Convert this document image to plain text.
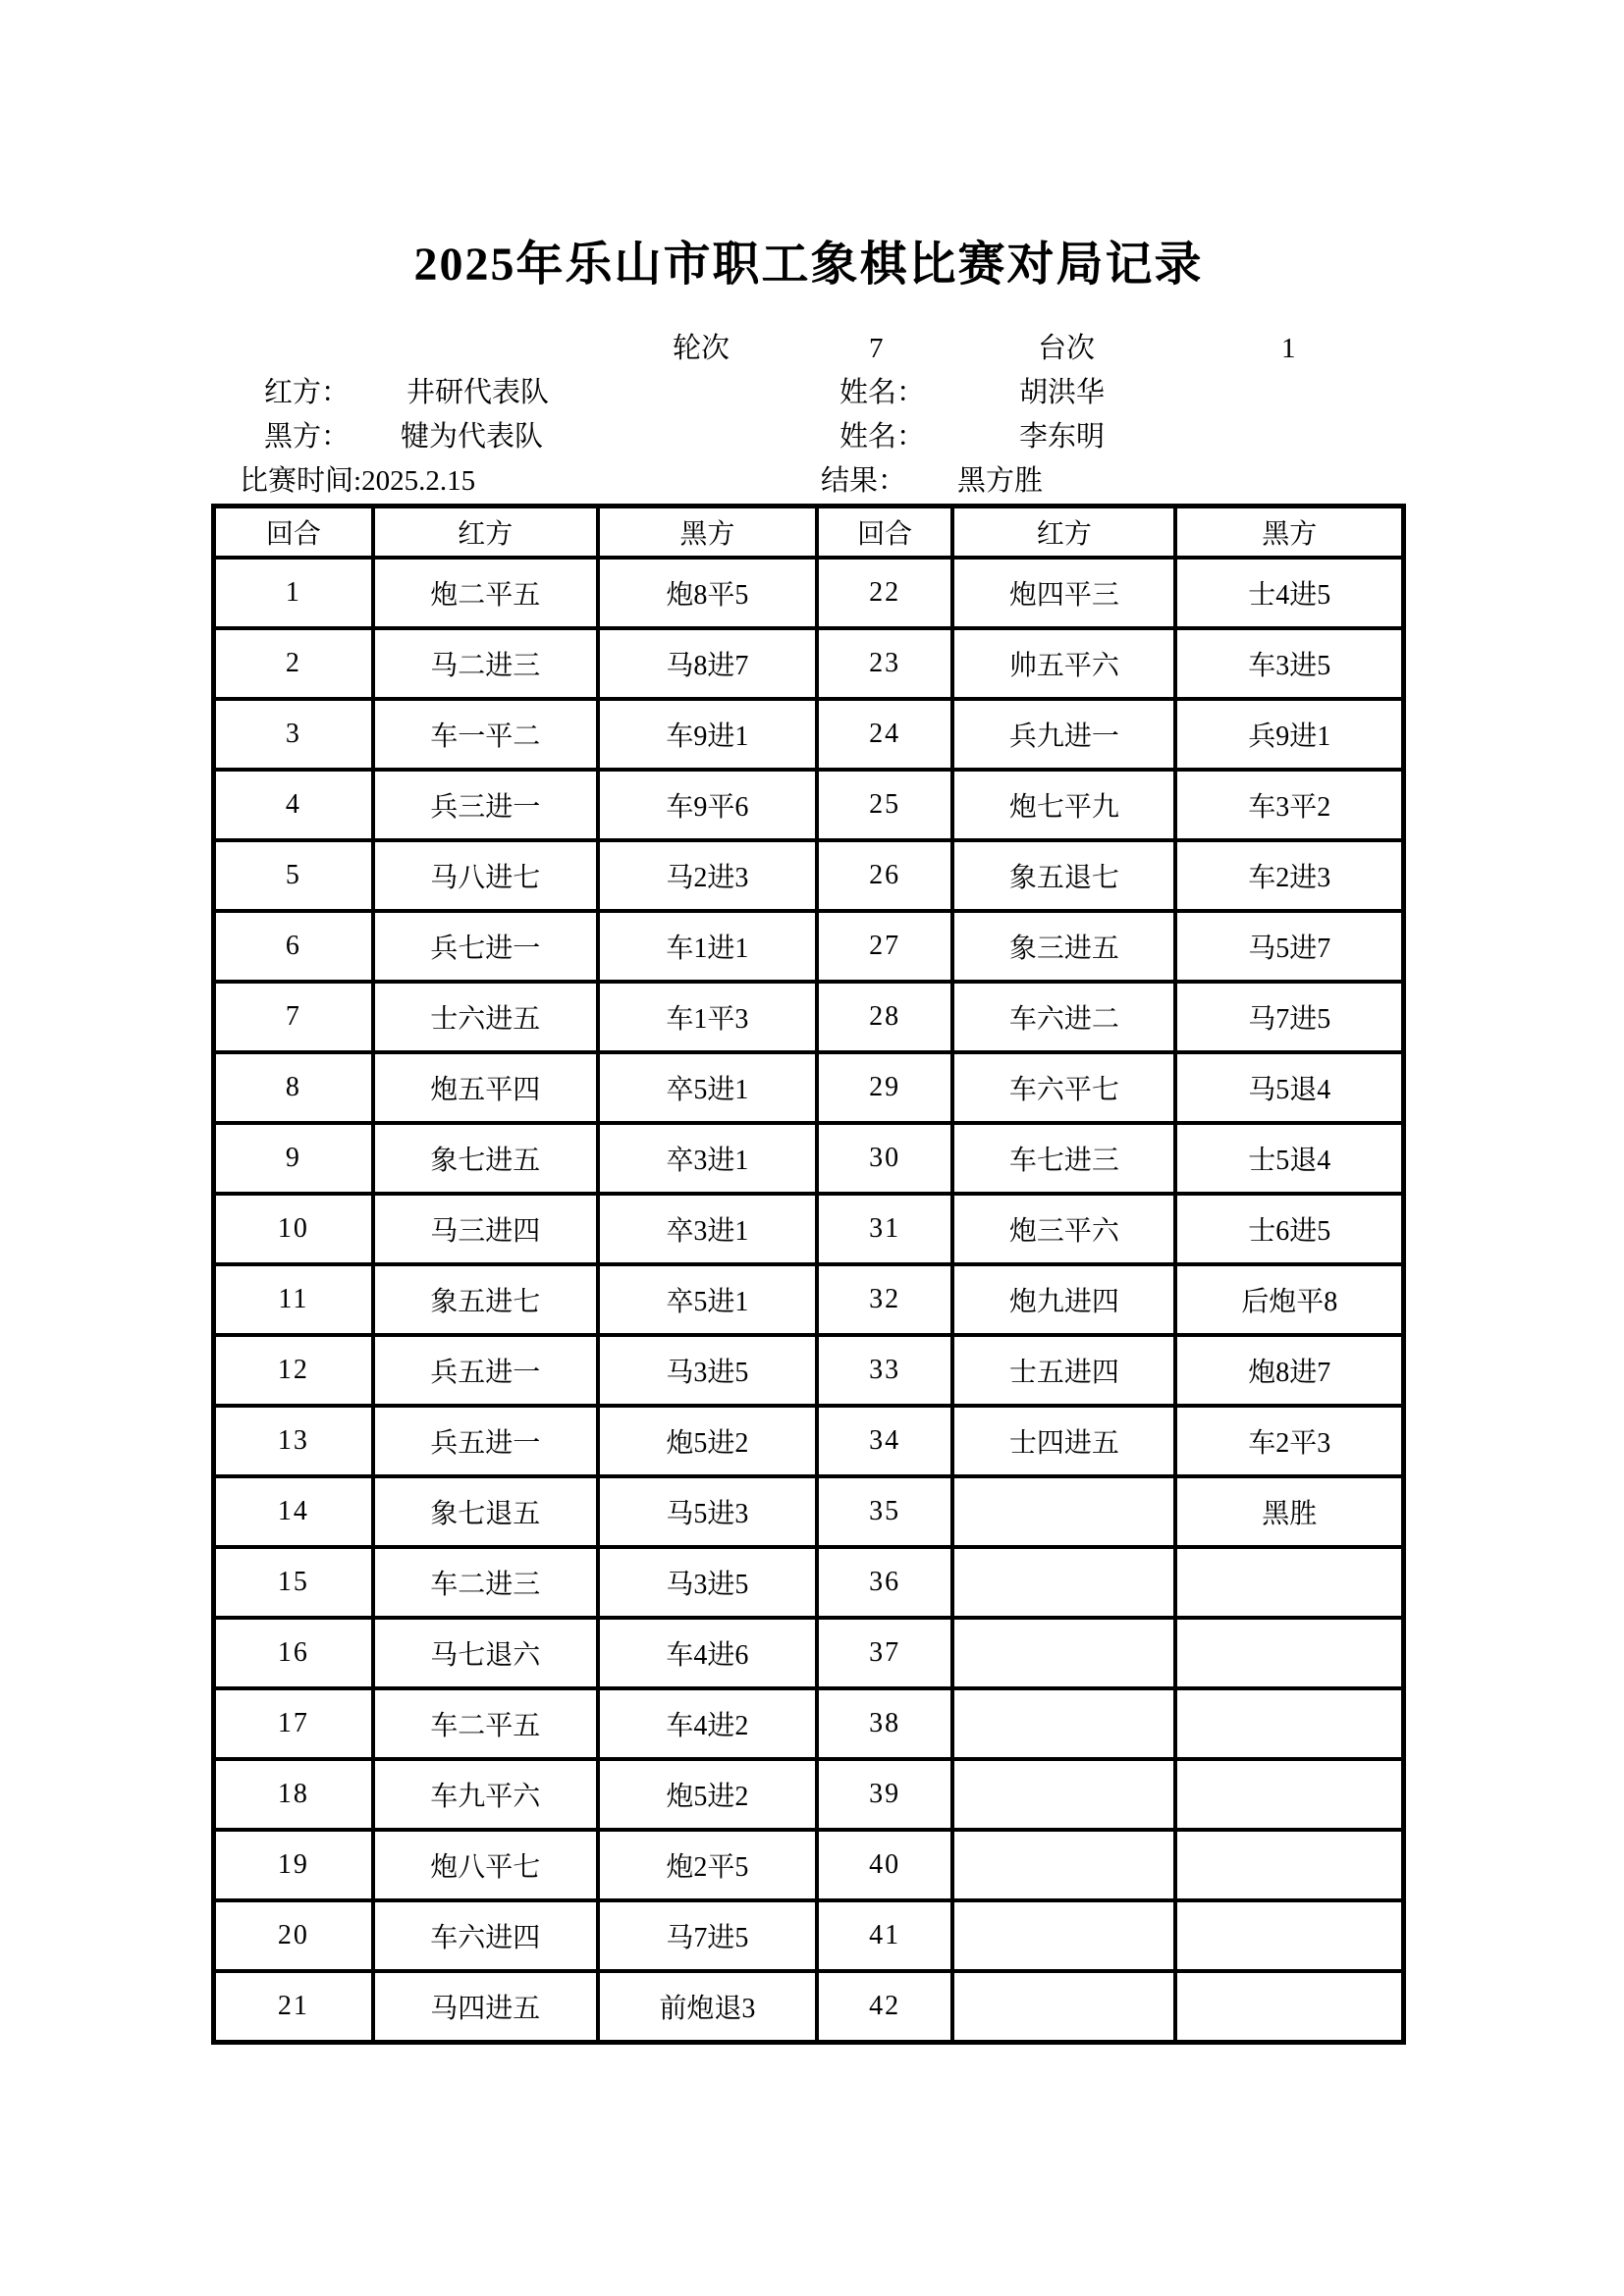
2025年乐山市职工象棋比赛对局记录
轮次	7	台次	1
红方： 井研代表队	姓名：	胡洪华
黑方： 犍为代表队	姓名：	李东明
比赛时间:2025.2.15	结果： 黑方胜
回合	红方	黑方	回合	红方	黑方
1	炮二平五	炮8平5	22	炮四平三	士4进5
2	马二进三	马8进7	23	帅五平六	车3进5
3	车一平二	车9进1	24	兵九进一	兵9进1
4	兵三进一	车9平6	25	炮七平九	车3平2
5	马八进七	马2进3	26	象五退七	车2进3
6	兵七进一	车1进1	27	象三进五	马5进7
7	士六进五	车1平3	28	车六进二	马7进5
8	炮五平四	卒5进1	29	车六平七	马5退4
9	象七进五	卒3进1	30	车七进三	士5退4
10	马三进四	卒3进1	31	炮三平六	士6进5
11	象五进七	卒5进1	32	炮九进四	后炮平8
12	兵五进一	马3进5	33	士五进四	炮8进7
13	兵五进一	炮5进2	34	士四进五	车2平3
14	象七退五	马5进3	35		黑胜
15	车二进三	马3进5	36		
16	马七退六	车4进6	37		
17	车二平五	车4进2	38		
18	车九平六	炮5进2	39		
19	炮八平七	炮2平5	40		
20	车六进四	马7进5	41		
21	马四进五	前炮退3	42		
